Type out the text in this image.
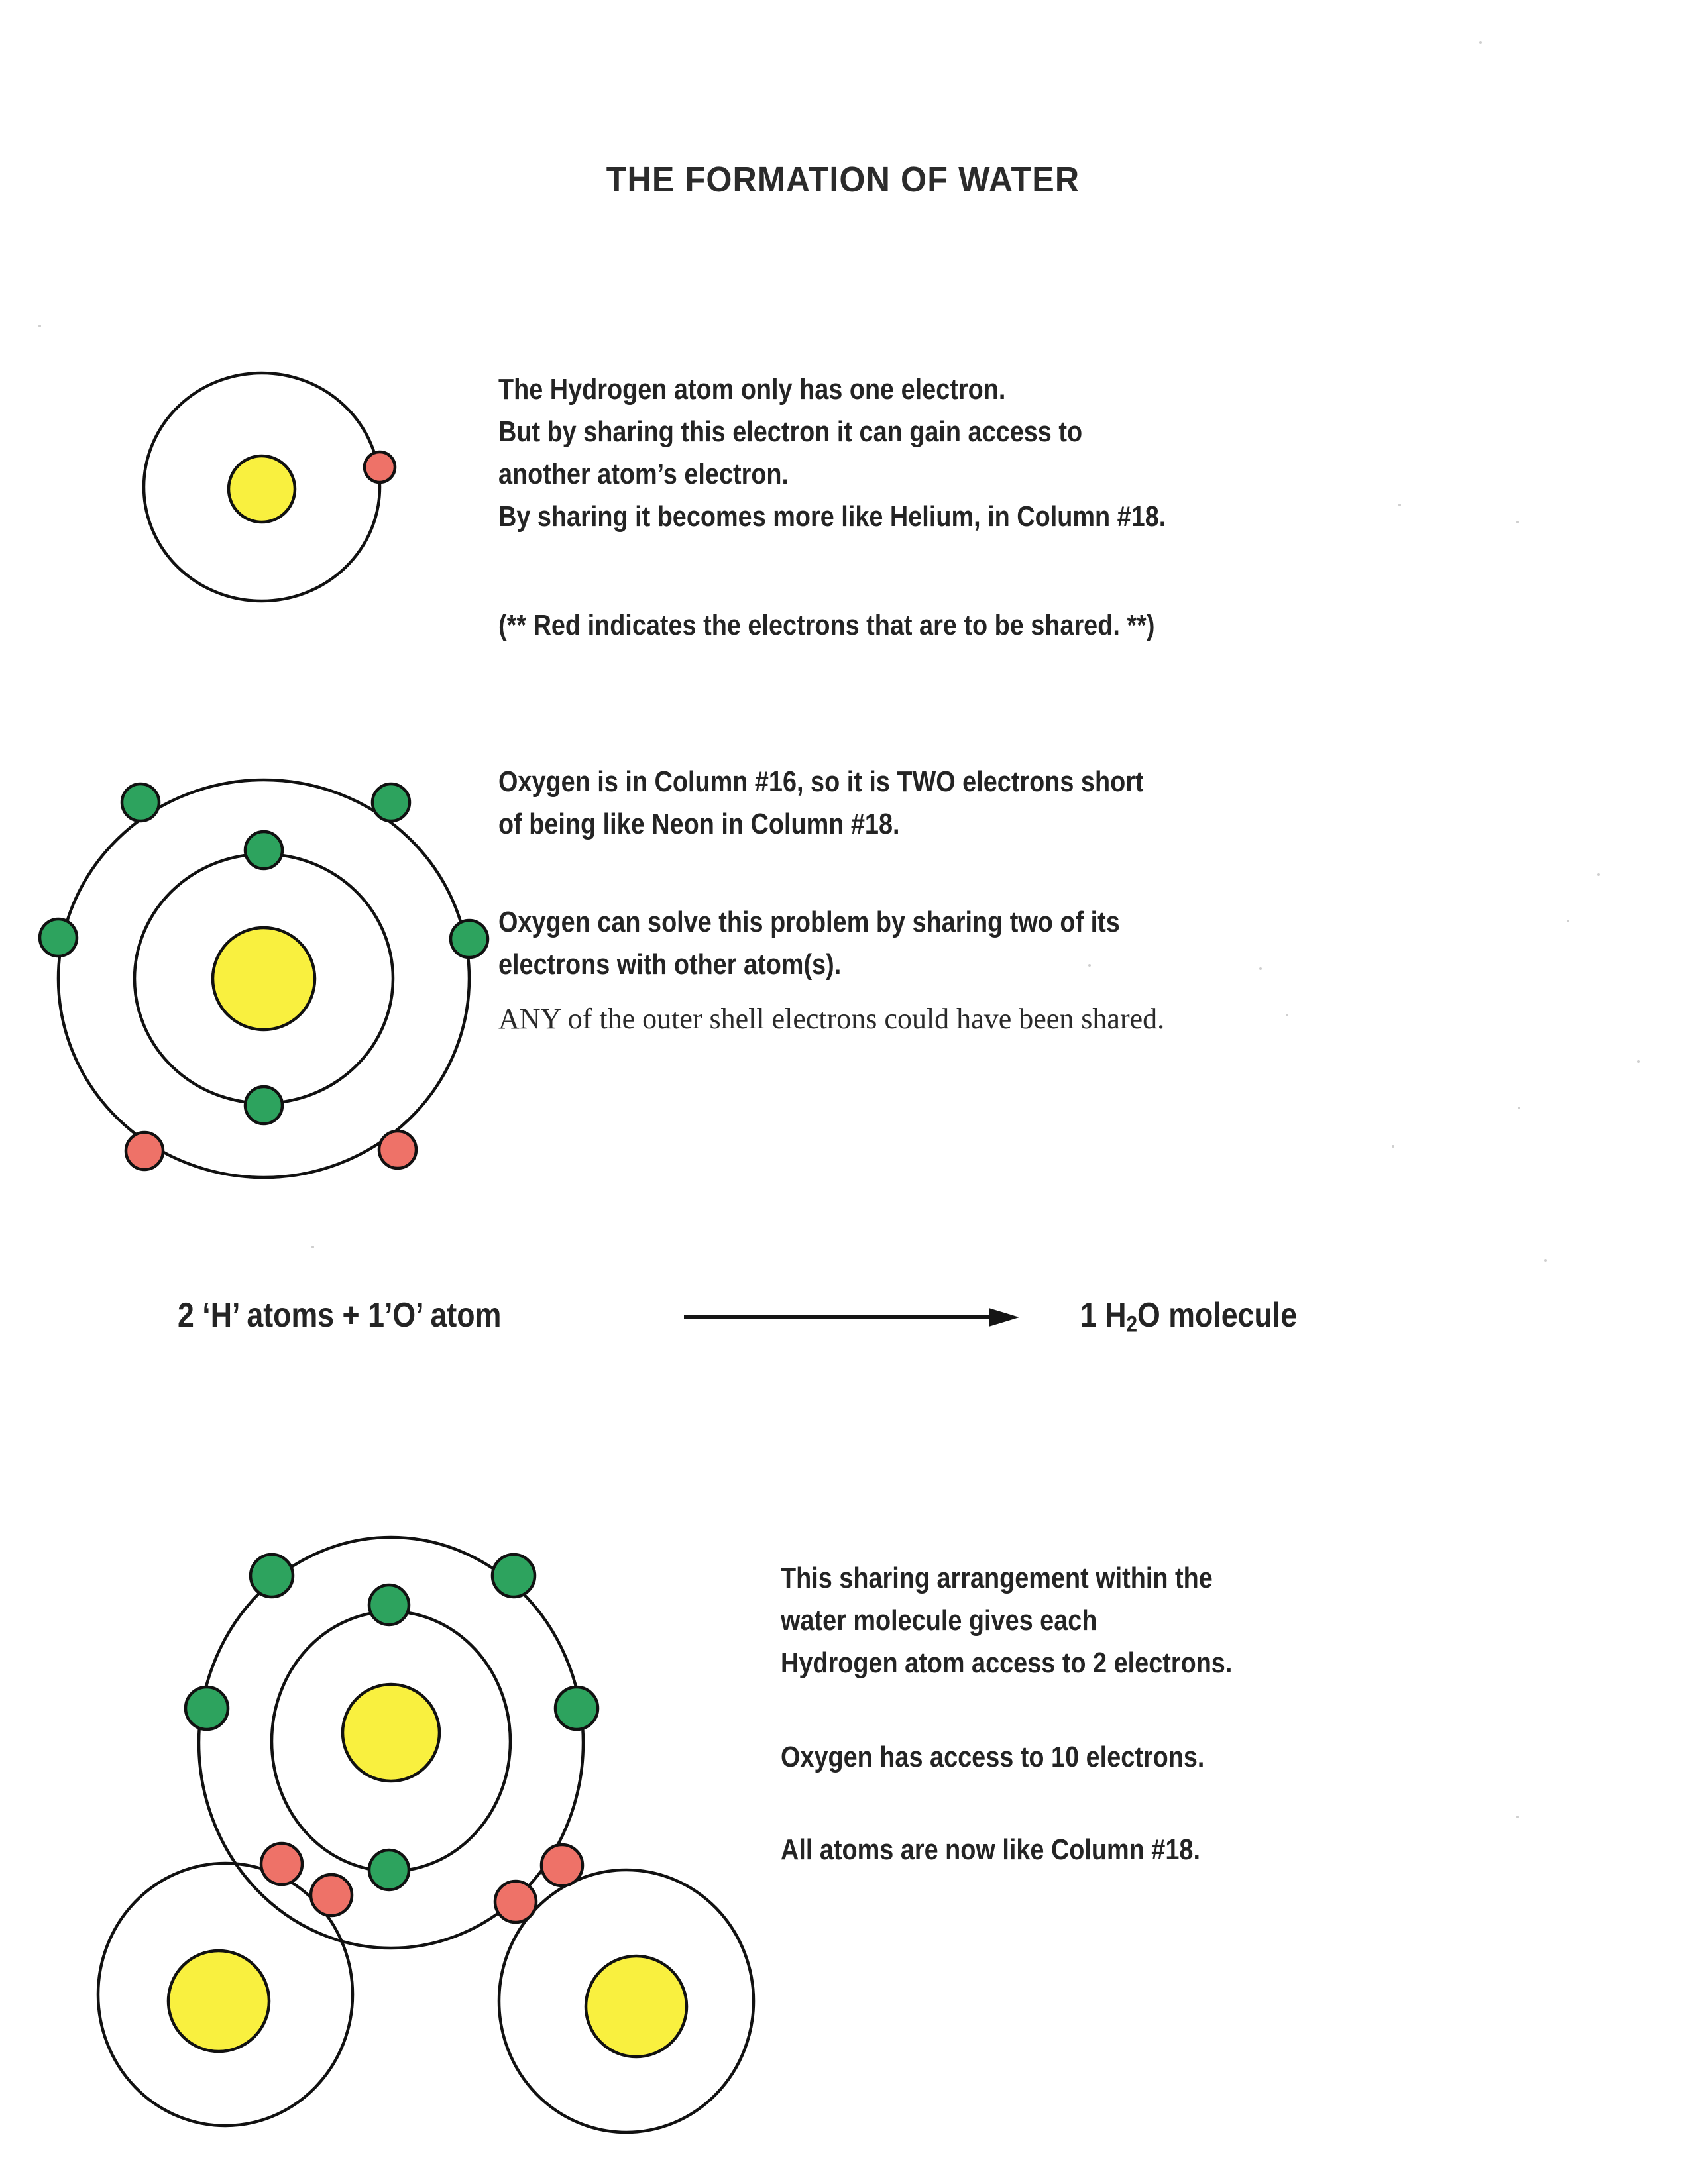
THE FORMATION OF WATER
The Hydrogen atom only has one electron.
But by sharing this electron it can gain access to
another atom’s electron.
By sharing it becomes more like Helium, in Column #18.
(** Red indicates the electrons that are to be shared. **)
Oxygen is in Column #16, so it is TWO electrons short
of being like Neon in Column #18.
Oxygen can solve this problem by sharing two of its
electrons with other atom(s).
ANY of the outer shell electrons could have been shared.
2 ‘H’ atoms + 1’O’ atom	1 $H_2O$ molecule
This sharing arrangement within the
water molecule gives each
Hydrogen atom access to 2 electrons.
Oxygen has access to 10 electrons.
All atoms are now like Column #18.
